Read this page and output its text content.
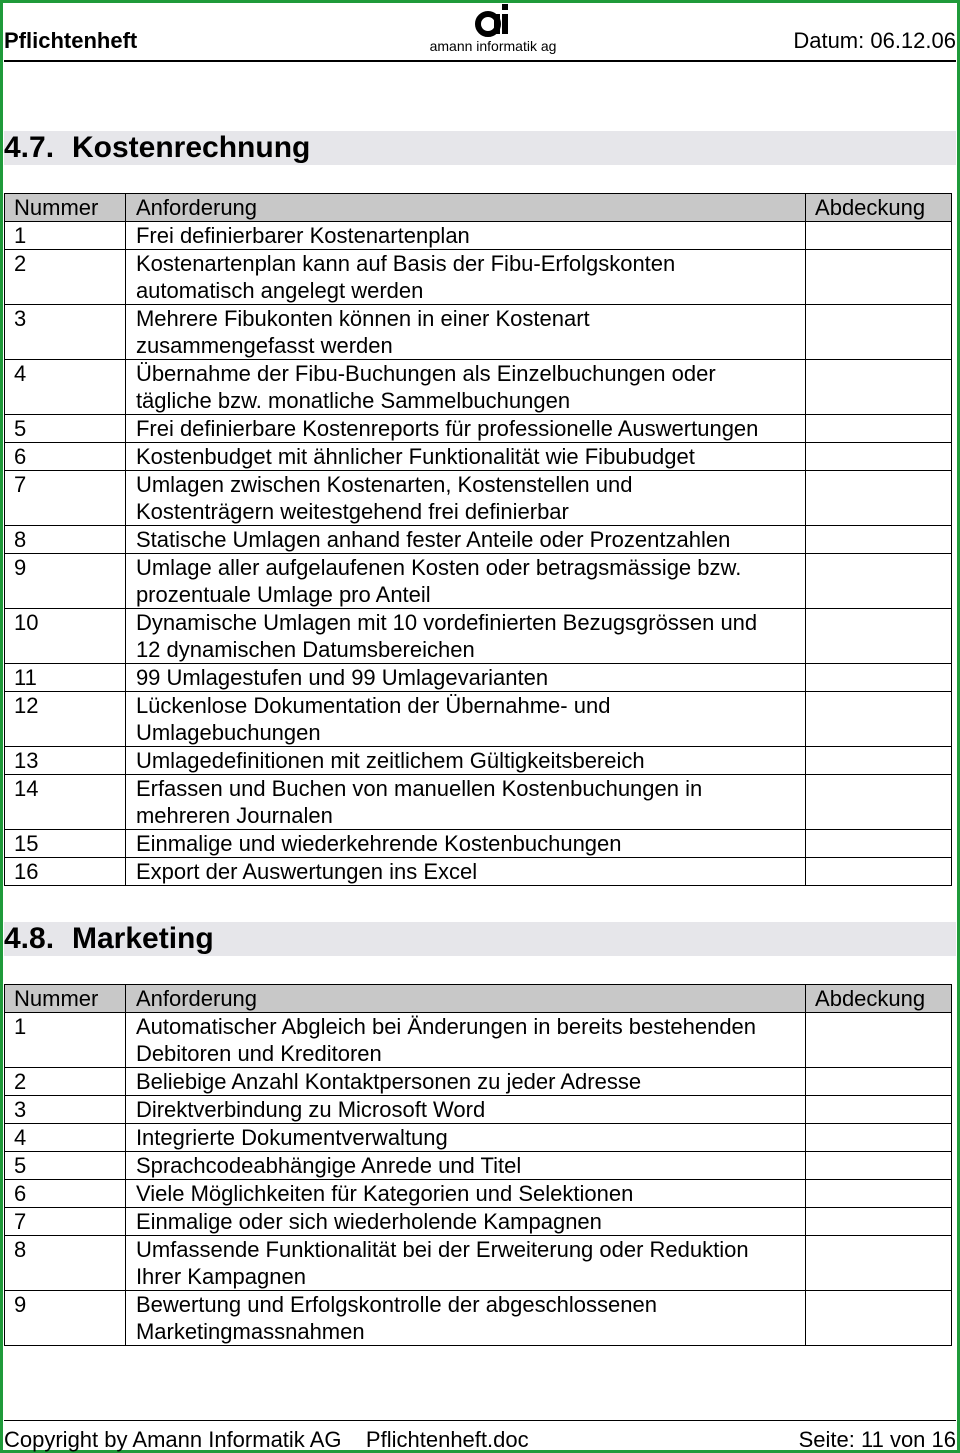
Pflichtenheft	amann informatik ag	Datum: 06.12.06
4.7. Kostenrechnung
Nummer	Anforderung	Abdeckung
1	Frei definierbarer Kostenartenplan	
2	Kostenartenplan kann auf Basis der Fibu-Erfolgskonten
automatisch angelegt werden	
3	Mehrere Fibukonten können in einer Kostenart
zusammengefasst werden	
4	Übernahme der Fibu-Buchungen als Einzelbuchungen oder
tägliche bzw. monatliche Sammelbuchungen	
5	Frei definierbare Kostenreports für professionelle Auswertungen	
6	Kostenbudget mit ähnlicher Funktionalität wie Fibubudget	
7	Umlagen zwischen Kostenarten, Kostenstellen und
Kostenträgern weitestgehend frei definierbar	
8	Statische Umlagen anhand fester Anteile oder Prozentzahlen	
9	Umlage aller aufgelaufenen Kosten oder betragsmässige bzw.
prozentuale Umlage pro Anteil	
10	Dynamische Umlagen mit 10 vordefinierten Bezugsgrössen und
12 dynamischen Datumsbereichen	
11	99 Umlagestufen und 99 Umlagevarianten	
12	Lückenlose Dokumentation der Übernahme- und
Umlagebuchungen	
13	Umlagedefinitionen mit zeitlichem Gültigkeitsbereich	
14	Erfassen und Buchen von manuellen Kostenbuchungen in
mehreren Journalen	
15	Einmalige und wiederkehrende Kostenbuchungen	
16	Export der Auswertungen ins Excel	
4.8. Marketing
Nummer	Anforderung	Abdeckung
1	Automatischer Abgleich bei Änderungen in bereits bestehenden
Debitoren und Kreditoren	
2	Beliebige Anzahl Kontaktpersonen zu jeder Adresse	
3	Direktverbindung zu Microsoft Word	
4	Integrierte Dokumentverwaltung	
5	Sprachcodeabhängige Anrede und Titel	
6	Viele Möglichkeiten für Kategorien und Selektionen	
7	Einmalige oder sich wiederholende Kampagnen	
8	Umfassende Funktionalität bei der Erweiterung oder Reduktion
Ihrer Kampagnen	
9	Bewertung und Erfolgskontrolle der abgeschlossenen
Marketingmassnahmen	
Copyright by Amann Informatik AG    Pflichtenheft.doc	Seite: 11 von 16
